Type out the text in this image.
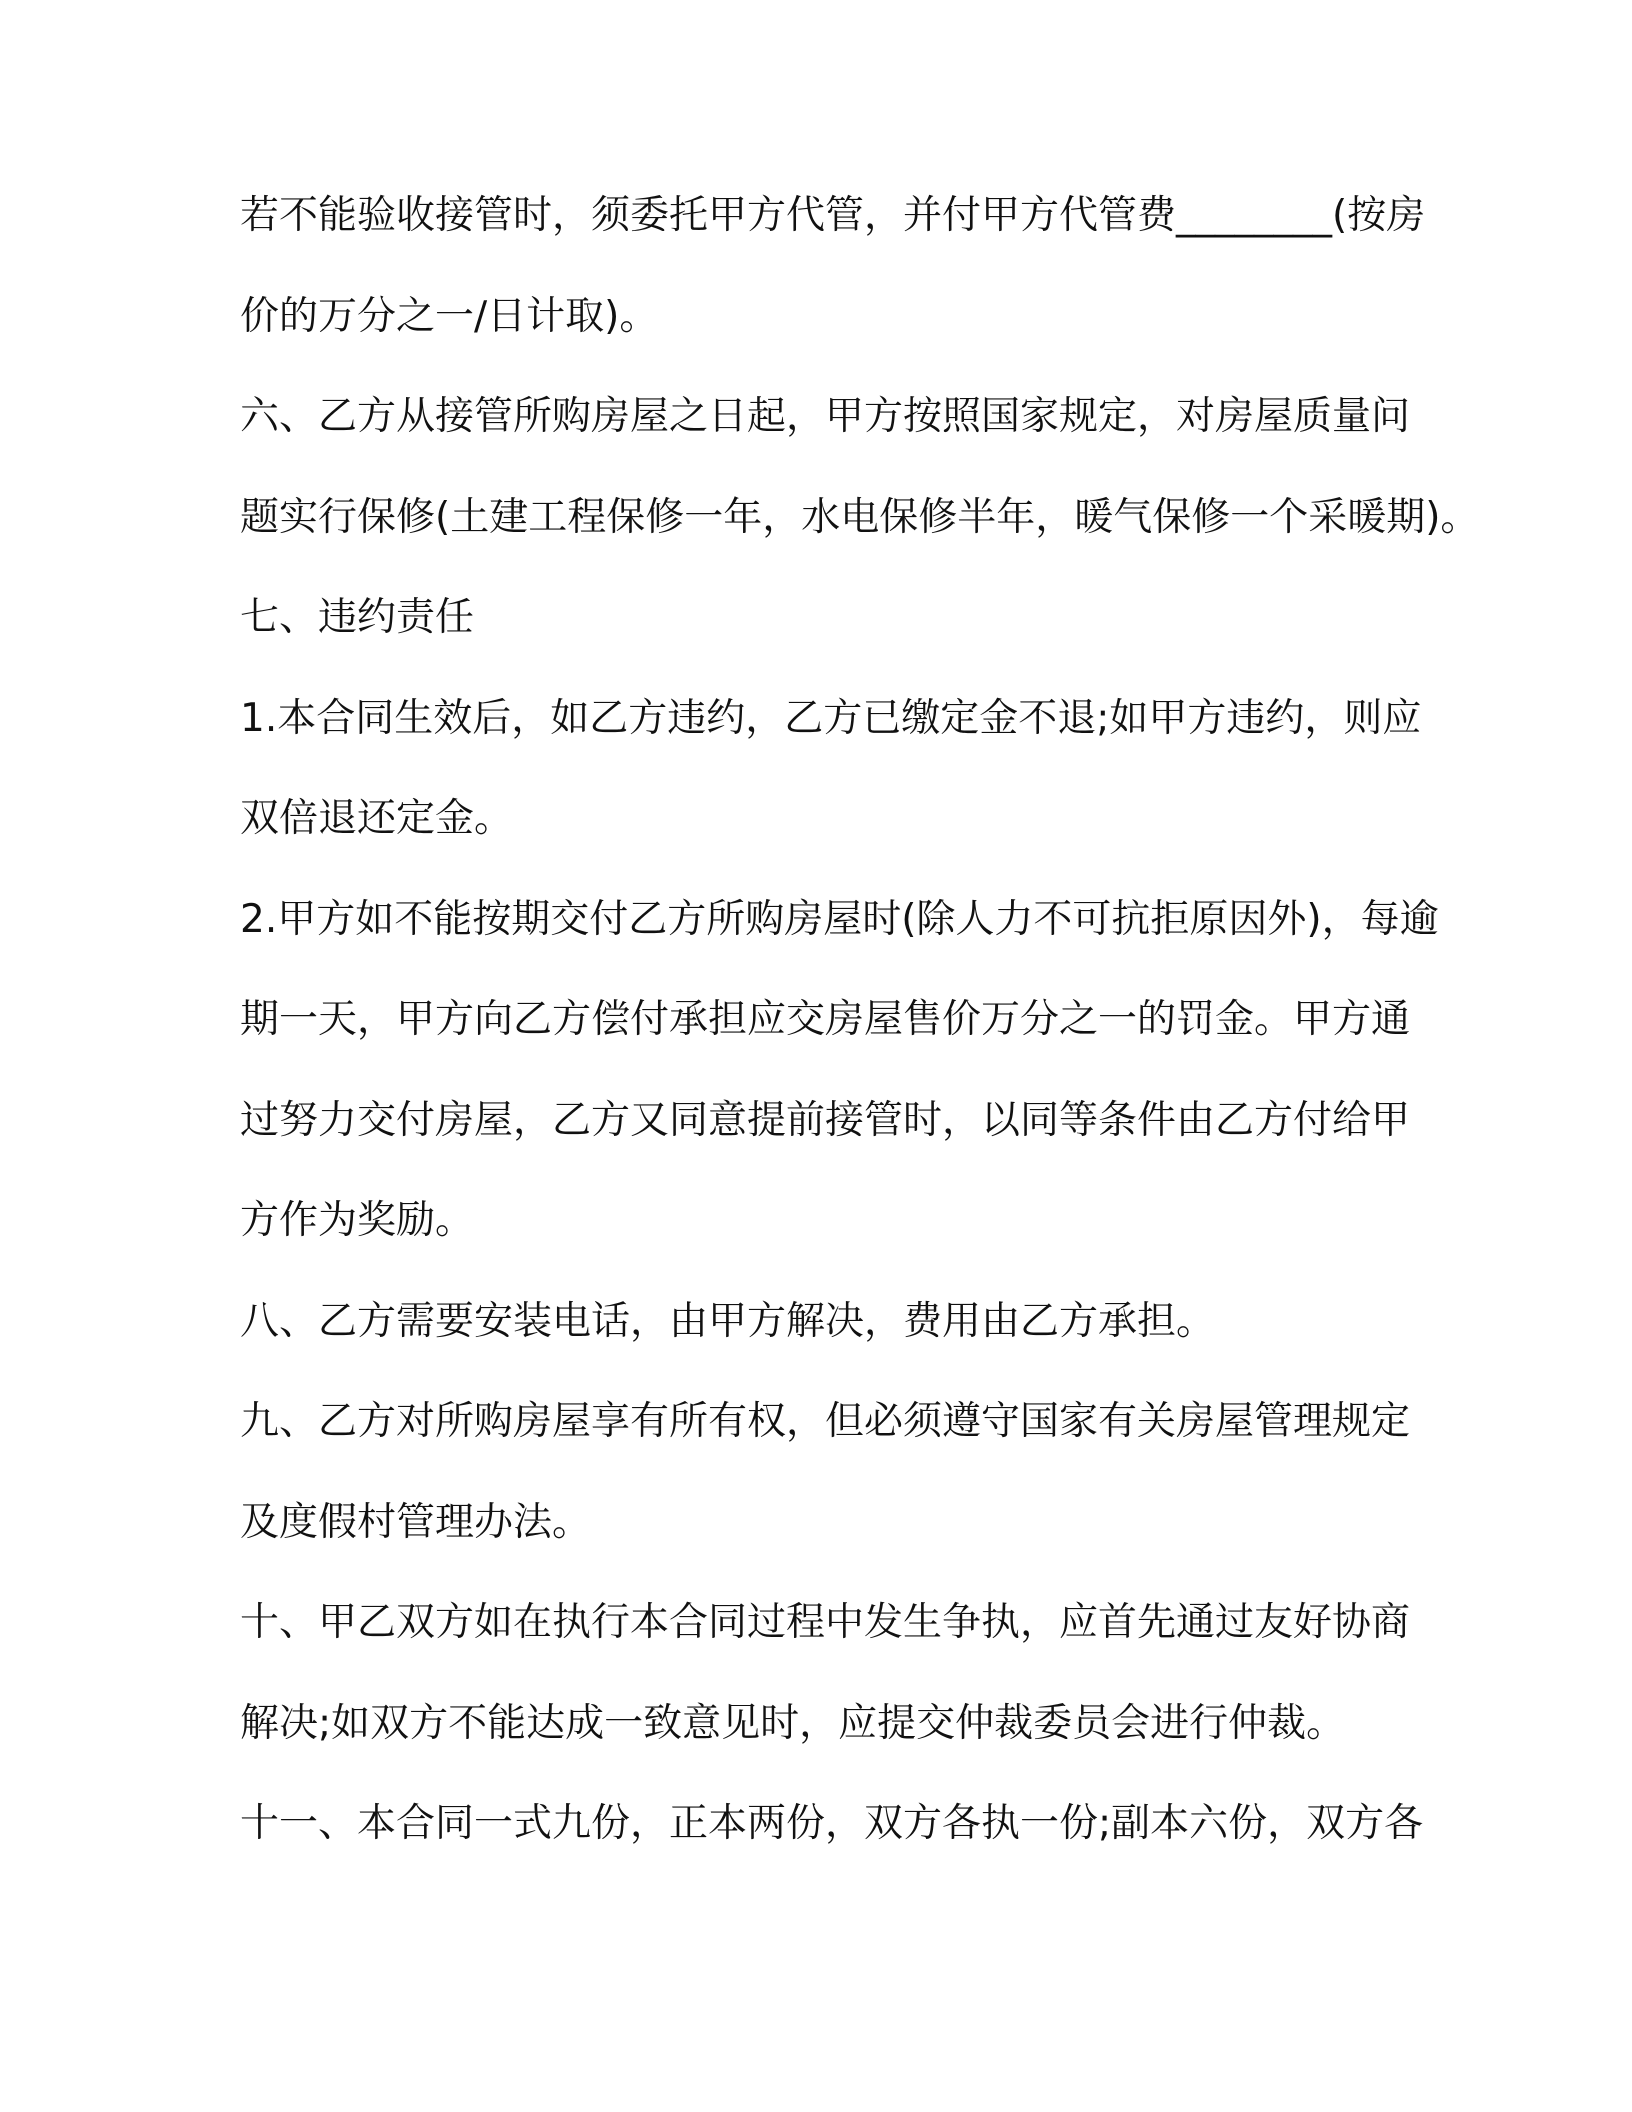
若不能验收接管时，须委托甲方代管，并付甲方代管费________(按房
价的万分之一/日计取)。
六、乙方从接管所购房屋之日起，甲方按照国家规定，对房屋质量问
题实行保修(土建工程保修一年，水电保修半年，暖气保修一个采暖期)。
七、违约责任
1.本合同生效后，如乙方违约，乙方已缴定金不退;如甲方违约，则应
双倍退还定金。
2.甲方如不能按期交付乙方所购房屋时(除人力不可抗拒原因外)，每逾
期一天，甲方向乙方偿付承担应交房屋售价万分之一的罚金。甲方通
过努力交付房屋，乙方又同意提前接管时，以同等条件由乙方付给甲
方作为奖励。
八、乙方需要安装电话，由甲方解决，费用由乙方承担。
九、乙方对所购房屋享有所有权，但必须遵守国家有关房屋管理规定
及度假村管理办法。
十、甲乙双方如在执行本合同过程中发生争执，应首先通过友好协商
解决;如双方不能达成一致意见时，应提交仲裁委员会进行仲裁。
十一、本合同一式九份，正本两份，双方各执一份;副本六份，双方各
